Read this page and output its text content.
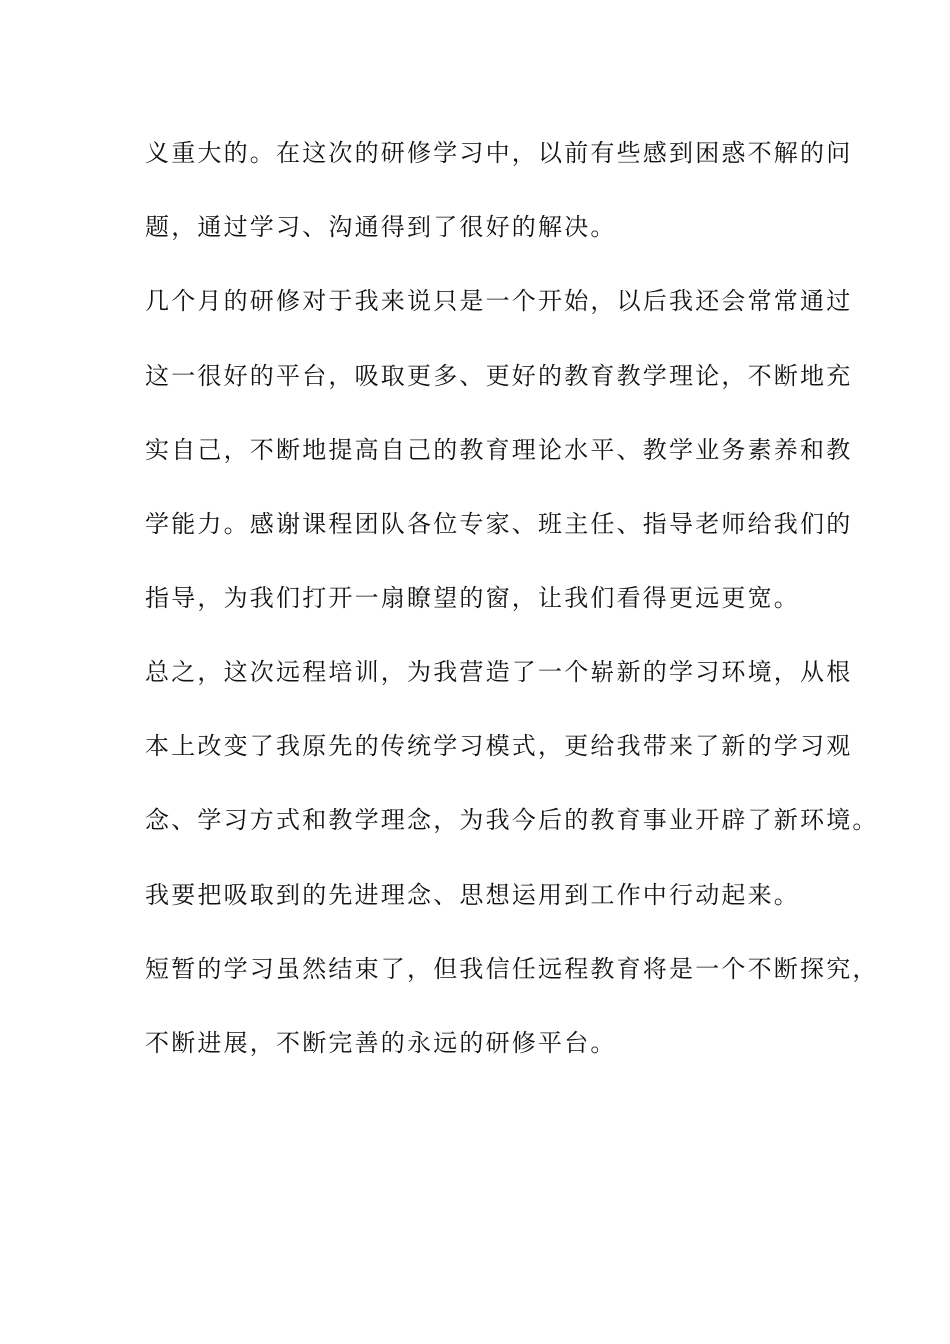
义重大的。在这次的研修学习中，以前有些感到困惑不解的问
题，通过学习、沟通得到了很好的解决。
几个月的研修对于我来说只是一个开始，以后我还会常常通过
这一很好的平台，吸取更多、更好的教育教学理论，不断地充
实自己，不断地提高自己的教育理论水平、教学业务素养和教
学能力。感谢课程团队各位专家、班主任、指导老师给我们的
指导，为我们打开一扇瞭望的窗，让我们看得更远更宽。
总之，这次远程培训，为我营造了一个崭新的学习环境，从根
本上改变了我原先的传统学习模式，更给我带来了新的学习观
念、学习方式和教学理念，为我今后的教育事业开辟了新环境。
我要把吸取到的先进理念、思想运用到工作中行动起来。
短暂的学习虽然结束了，但我信任远程教育将是一个不断探究，
不断进展，不断完善的永远的研修平台。
